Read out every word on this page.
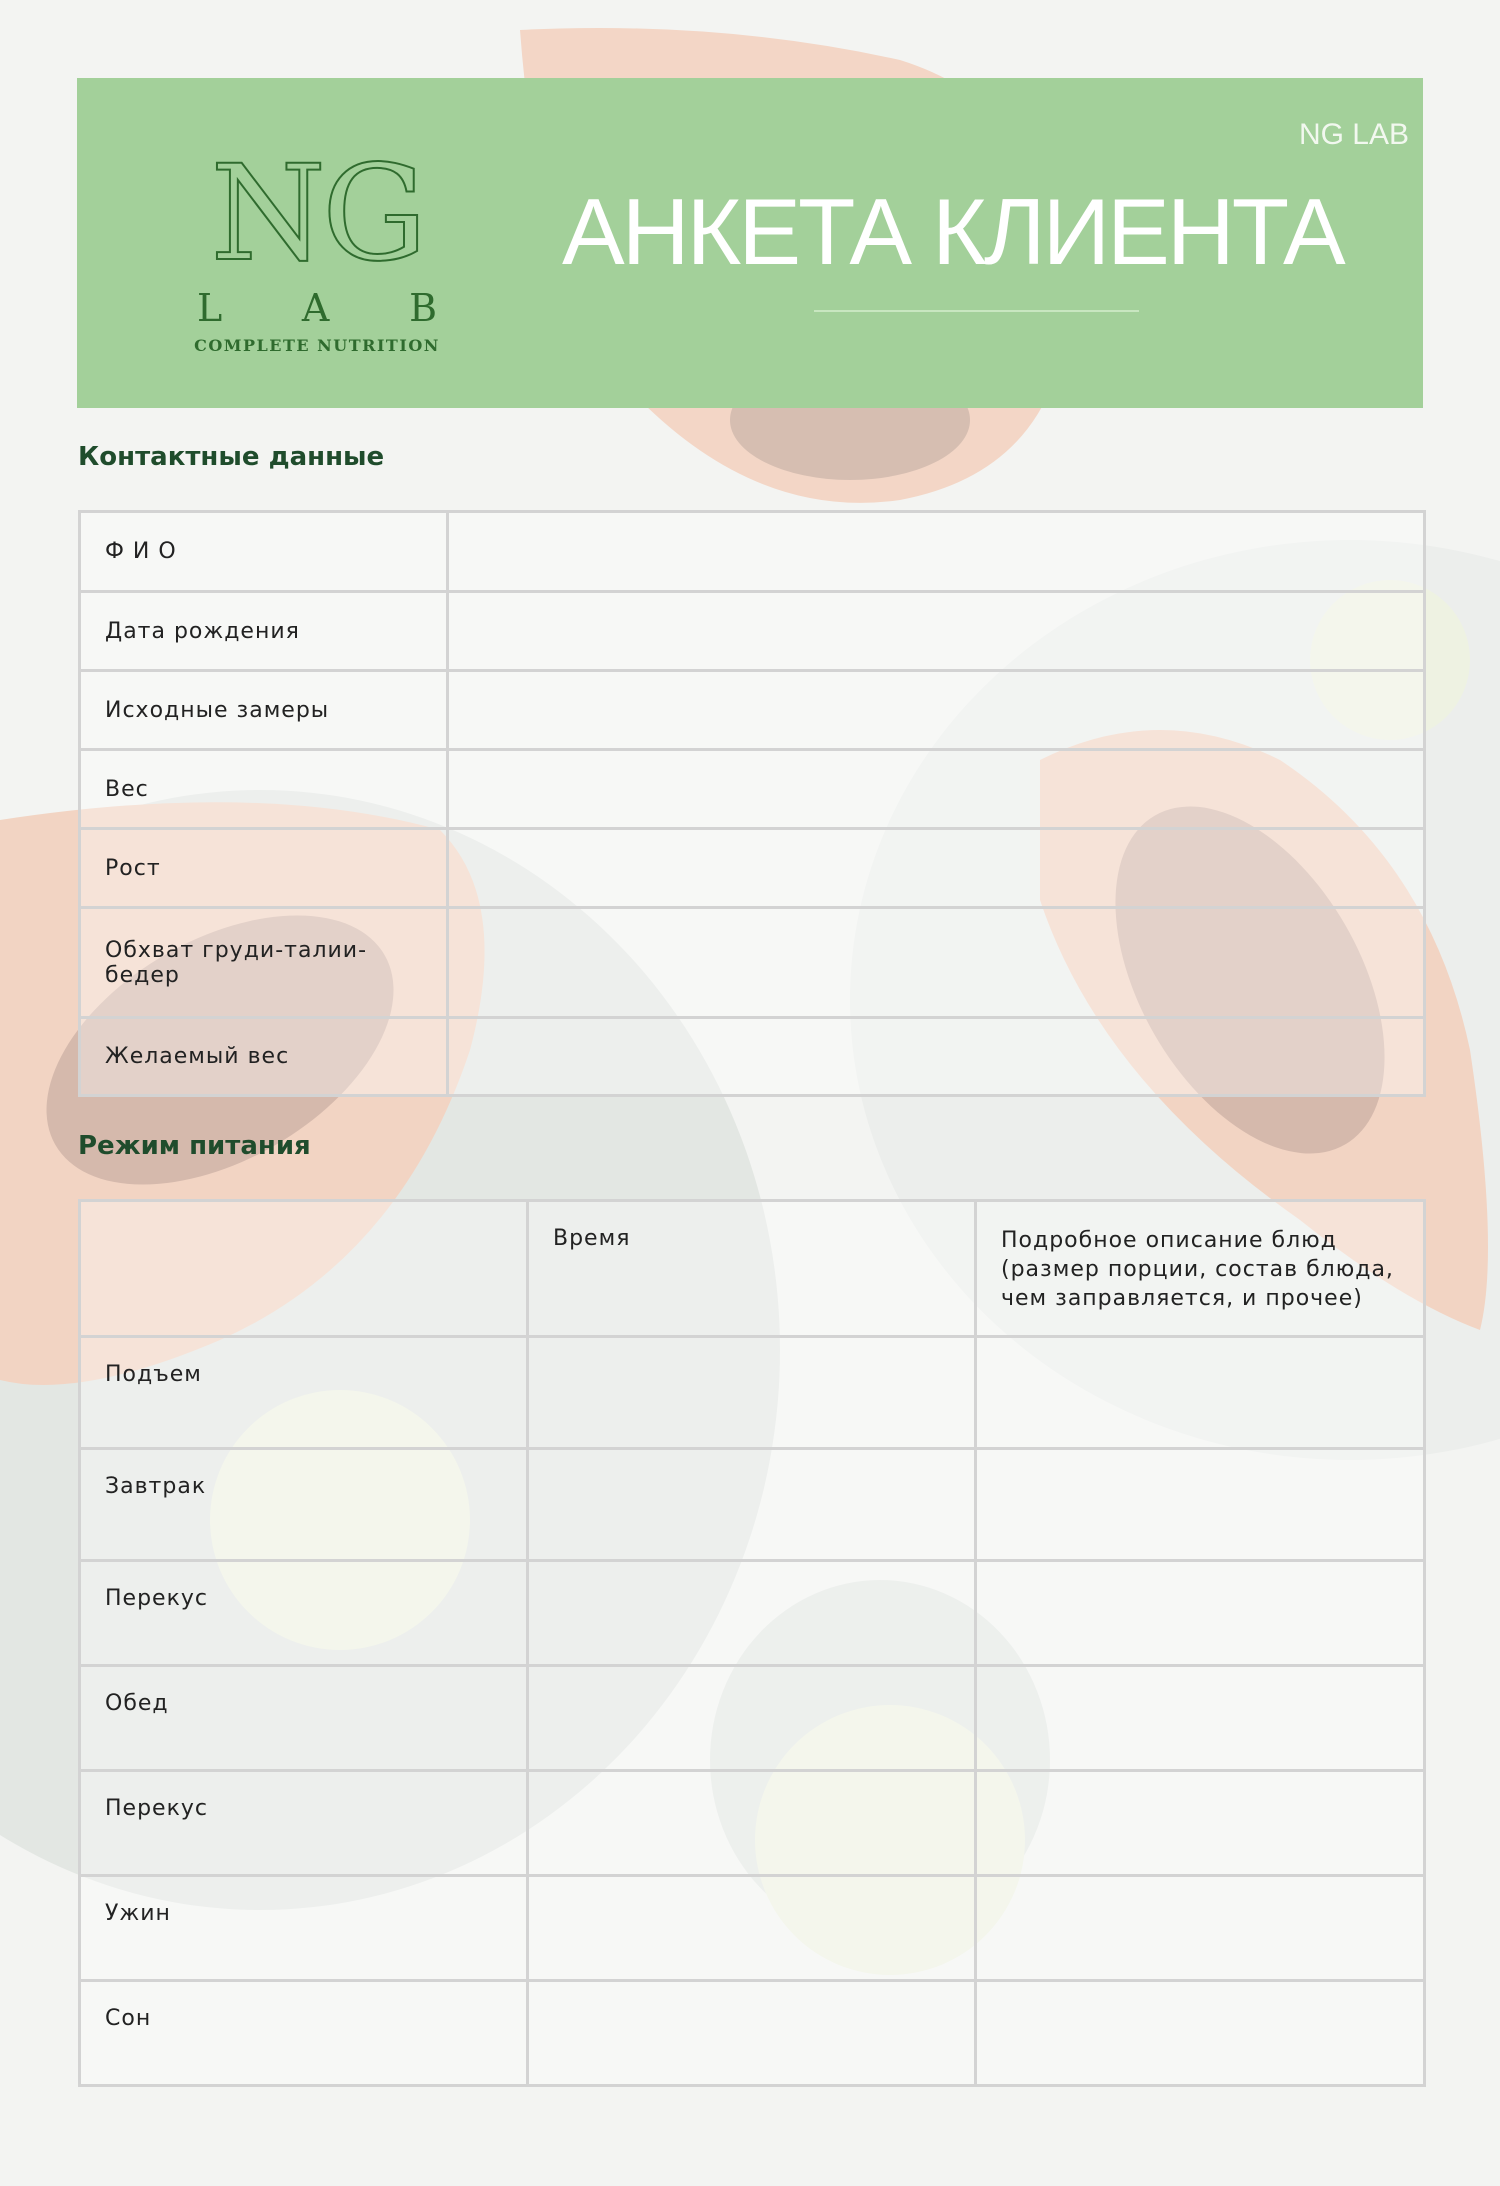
NG
L A B
COMPLETE NUTRITION
NG LAB
АНКЕТА КЛИЕНТА
Контактные данные
Ф И О	
Дата рождения	
Исходные замеры	
Вес	
Рост	
Обхват груди-талии-бедер	
Желаемый вес	
Режим питания
	Время	Подробное описание блюд (размер порции, состав блюда, чем заправляется, и прочее)
Подъем		
Завтрак		
Перекус		
Обед		
Перекус		
Ужин		
Сон		
